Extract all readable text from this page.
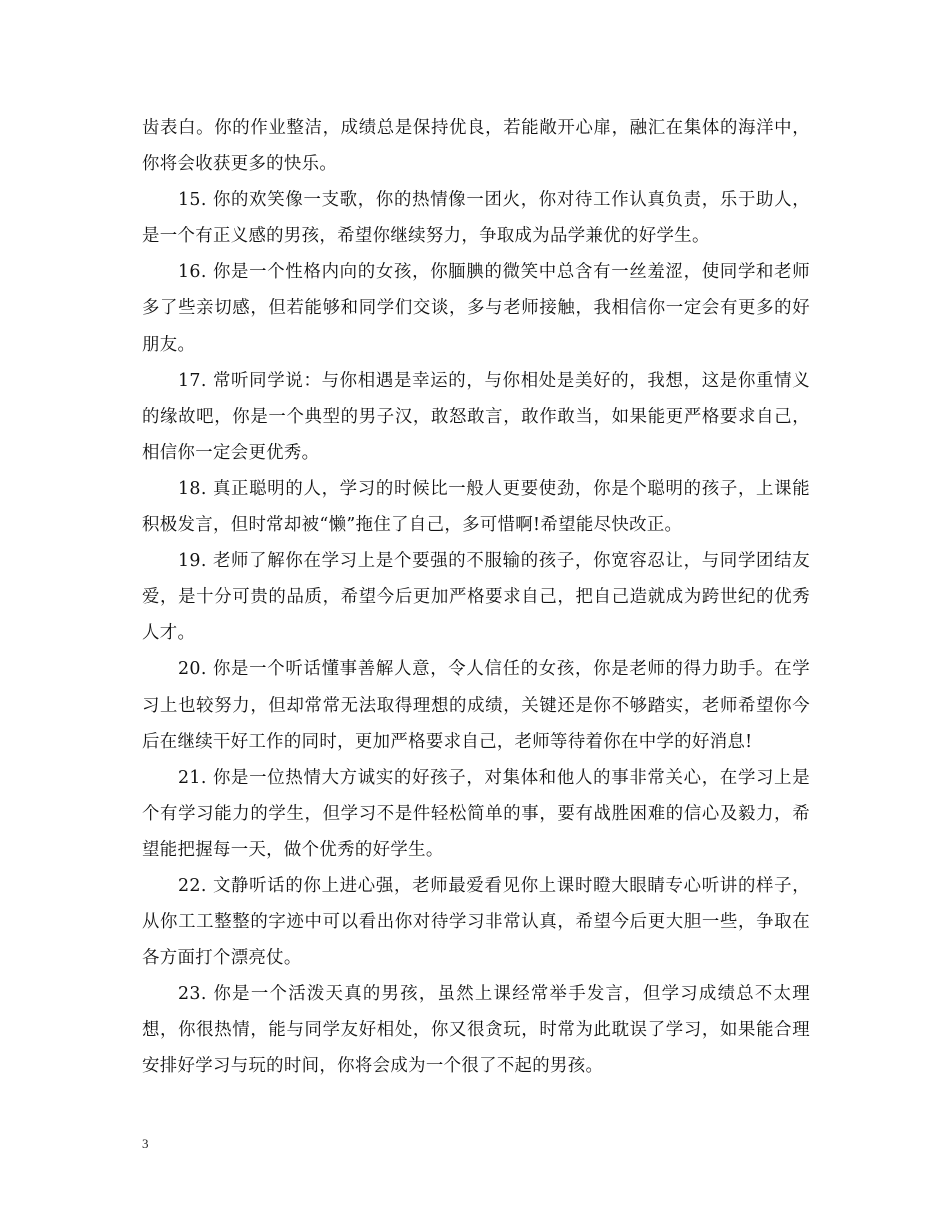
齿表白。你的作业整洁，成绩总是保持优良，若能敞开心扉，融汇在集体的海洋中，你将会收获更多的快乐。

15. 你的欢笑像一支歌，你的热情像一团火，你对待工作认真负责，乐于助人，是一个有正义感的男孩，希望你继续努力，争取成为品学兼优的好学生。

16. 你是一个性格内向的女孩，你腼腆的微笑中总含有一丝羞涩，使同学和老师多了些亲切感，但若能够和同学们交谈，多与老师接触，我相信你一定会有更多的好朋友。

17. 常听同学说：与你相遇是幸运的，与你相处是美好的，我想，这是你重情义的缘故吧，你是一个典型的男子汉，敢怒敢言，敢作敢当，如果能更严格要求自己，相信你一定会更优秀。

18. 真正聪明的人，学习的时候比一般人更要使劲，你是个聪明的孩子，上课能积极发言，但时常却被“懒”拖住了自己，多可惜啊!希望能尽快改正。

19. 老师了解你在学习上是个要强的不服输的孩子，你宽容忍让，与同学团结友爱，是十分可贵的品质，希望今后更加严格要求自己，把自己造就成为跨世纪的优秀人才。

20. 你是一个听话懂事善解人意，令人信任的女孩，你是老师的得力助手。在学习上也较努力，但却常常无法取得理想的成绩，关键还是你不够踏实，老师希望你今后在继续干好工作的同时，更加严格要求自己，老师等待着你在中学的好消息!

21. 你是一位热情大方诚实的好孩子，对集体和他人的事非常关心，在学习上是个有学习能力的学生，但学习不是件轻松简单的事，要有战胜困难的信心及毅力，希望能把握每一天，做个优秀的好学生。

22. 文静听话的你上进心强，老师最爱看见你上课时瞪大眼睛专心听讲的样子，从你工工整整的字迹中可以看出你对待学习非常认真，希望今后更大胆一些，争取在各方面打个漂亮仗。

23. 你是一个活泼天真的男孩，虽然上课经常举手发言，但学习成绩总不太理想，你很热情，能与同学友好相处，你又很贪玩，时常为此耽误了学习，如果能合理安排好学习与玩的时间，你将会成为一个很了不起的男孩。

3
